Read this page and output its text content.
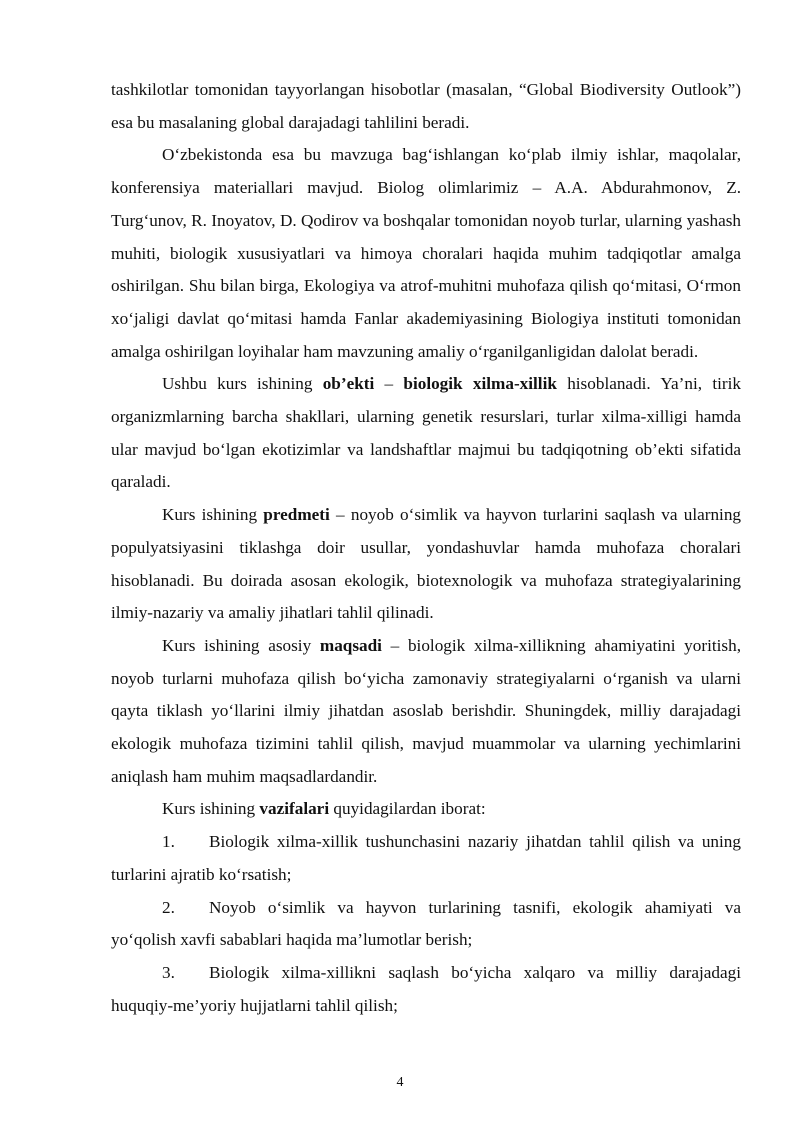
tashkilotlar tomonidan tayyorlangan hisobotlar (masalan, “Global Biodiversity Outlook”) esa bu masalaning global darajadagi tahlilini beradi.

O‘zbekistonda esa bu mavzuga bag‘ishlangan ko‘plab ilmiy ishlar, maqolalar, konferensiya materiallari mavjud. Biolog olimlarimiz – A.A. Abdurahmonov, Z. Turg‘unov, R. Inoyatov, D. Qodirov va boshqalar tomonidan noyob turlar, ularning yashash muhiti, biologik xususiyatlari va himoya choralari haqida muhim tadqiqotlar amalga oshirilgan. Shu bilan birga, Ekologiya va atrof-muhitni muhofaza qilish qo‘mitasi, O‘rmon xo‘jaligi davlat qo‘mitasi hamda Fanlar akademiyasining Biologiya instituti tomonidan amalga oshirilgan loyihalar ham mavzuning amaliy o‘rganilganligidan dalolat beradi.

Ushbu kurs ishining ob’ekti – biologik xilma-xillik hisoblanadi. Ya’ni, tirik organizmlarning barcha shakllari, ularning genetik resurslari, turlar xilma-xilligi hamda ular mavjud bo‘lgan ekotizimlar va landshaftlar majmui bu tadqiqotning ob’ekti sifatida qaraladi.

Kurs ishining predmeti – noyob o‘simlik va hayvon turlarini saqlash va ularning populyatsiyasini tiklashga doir usullar, yondashuvlar hamda muhofaza choralari hisoblanadi. Bu doirada asosan ekologik, biotexnologik va muhofaza strategiyalarining ilmiy-nazariy va amaliy jihatlari tahlil qilinadi.

Kurs ishining asosiy maqsadi – biologik xilma-xillikning ahamiyatini yoritish, noyob turlarni muhofaza qilish bo‘yicha zamonaviy strategiyalarni o‘rganish va ularni qayta tiklash yo‘llarini ilmiy jihatdan asoslab berishdir. Shuningdek, milliy darajadagi ekologik muhofaza tizimini tahlil qilish, mavjud muammolar va ularning yechimlarini aniqlash ham muhim maqsadlardandir.

Kurs ishining vazifalari quyidagilardan iborat:

1. Biologik xilma-xillik tushunchasini nazariy jihatdan tahlil qilish va uning turlarini ajratib ko‘rsatish;

2. Noyob o‘simlik va hayvon turlarining tasnifi, ekologik ahamiyati va yo‘qolish xavfi sabablari haqida ma’lumotlar berish;

3. Biologik xilma-xillikni saqlash bo‘yicha xalqaro va milliy darajadagi huquqiy-me’yoriy hujjatlarni tahlil qilish;

4
